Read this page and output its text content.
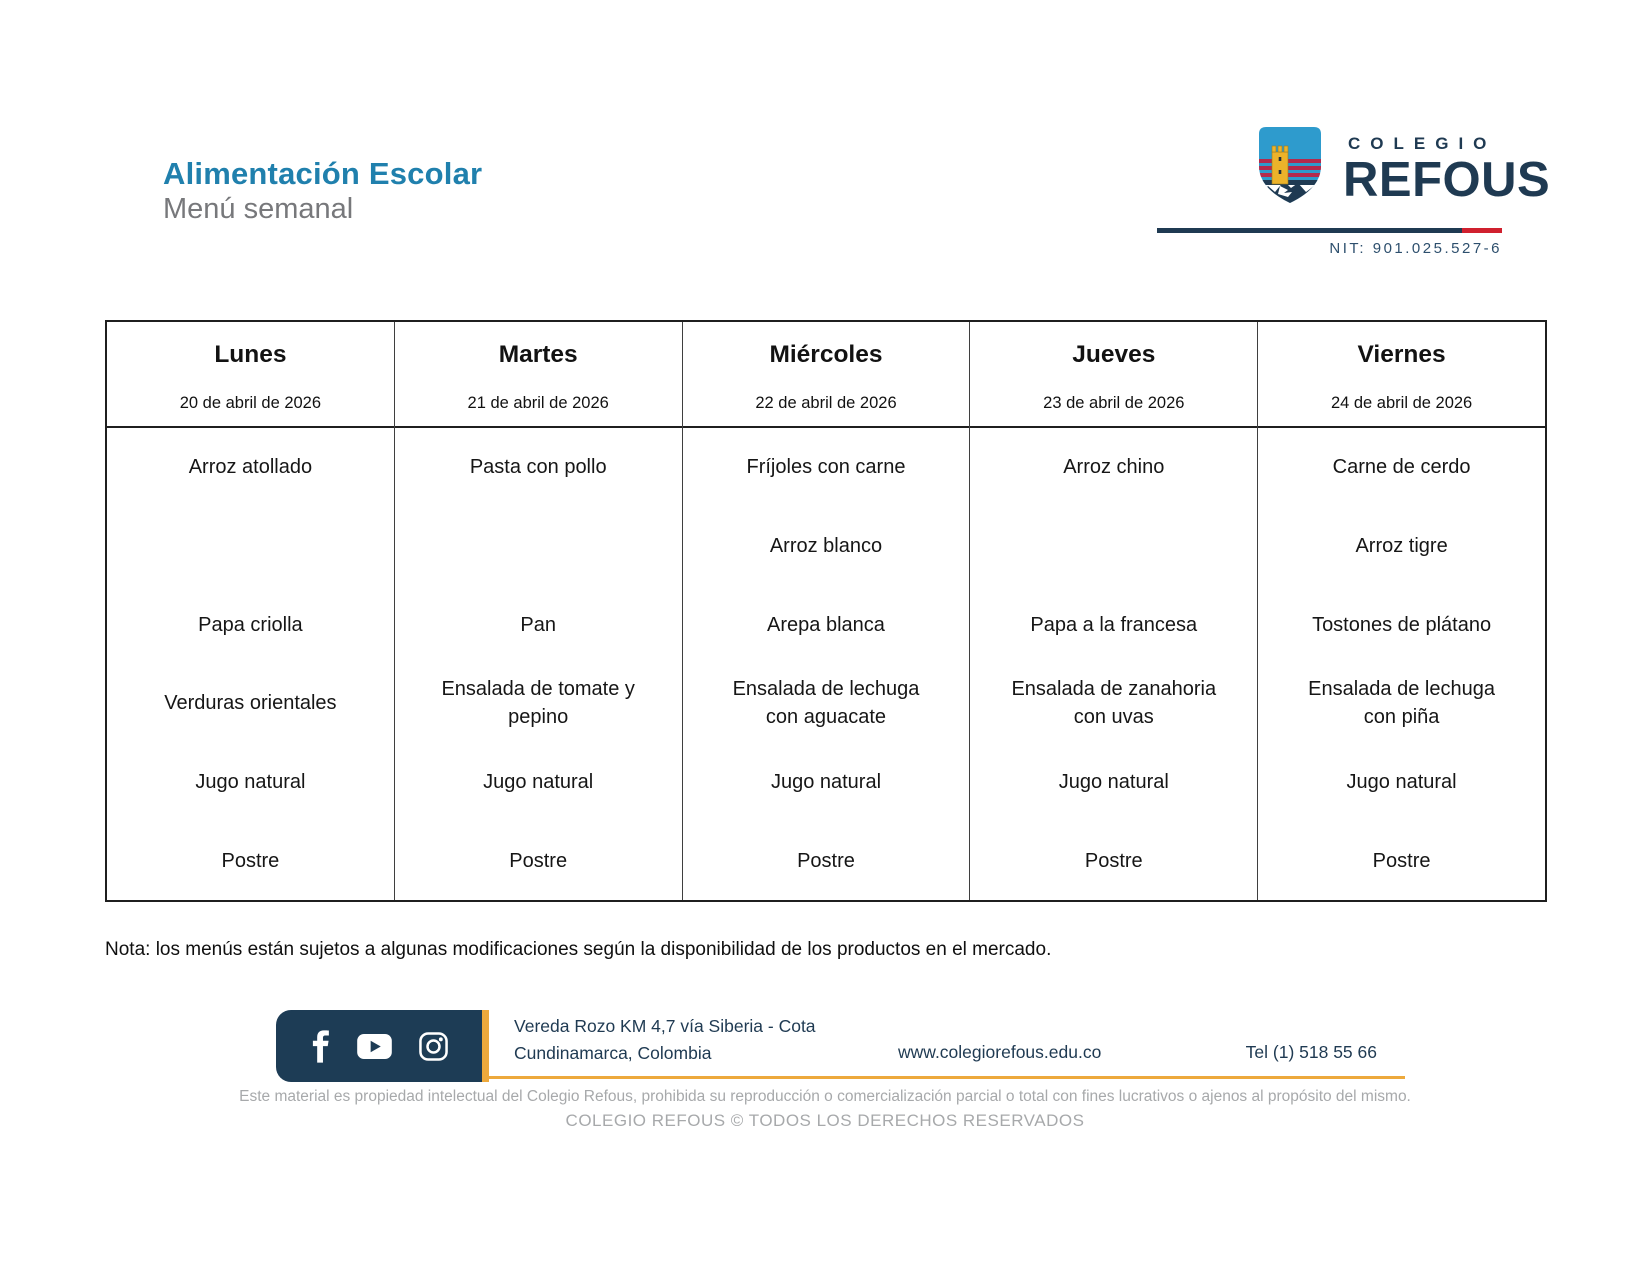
Alimentación Escolar
Menú semanal
COLEGIO
REFOUS
NIT: 901.025.527-6
Lunes
20 de abril de 2026
Arroz atollado
Papa criolla
Verduras orientales
Jugo natural
Postre
Martes
21 de abril de 2026
Pasta con pollo
Pan
Ensalada de tomate y pepino
Jugo natural
Postre
Miércoles
22 de abril de 2026
Fríjoles con carne
Arroz blanco
Arepa blanca
Ensalada de lechuga con aguacate
Jugo natural
Postre
Jueves
23 de abril de 2026
Arroz chino
Papa a la francesa
Ensalada de zanahoria con uvas
Jugo natural
Postre
Viernes
24 de abril de 2026
Carne de cerdo
Arroz tigre
Tostones de plátano
Ensalada de lechuga con piña
Jugo natural
Postre
Nota: los menús están sujetos a algunas modificaciones según la disponibilidad de los productos en el mercado.
Vereda Rozo KM 4,7 vía Siberia - Cota
Cundinamarca, Colombia	www.colegiorefous.edu.co	Tel (1) 518 55 66
Este material es propiedad intelectual del Colegio Refous, prohibida su reproducción o comercialización parcial o total con fines lucrativos o ajenos al propósito del mismo.
COLEGIO REFOUS © TODOS LOS DERECHOS RESERVADOS
